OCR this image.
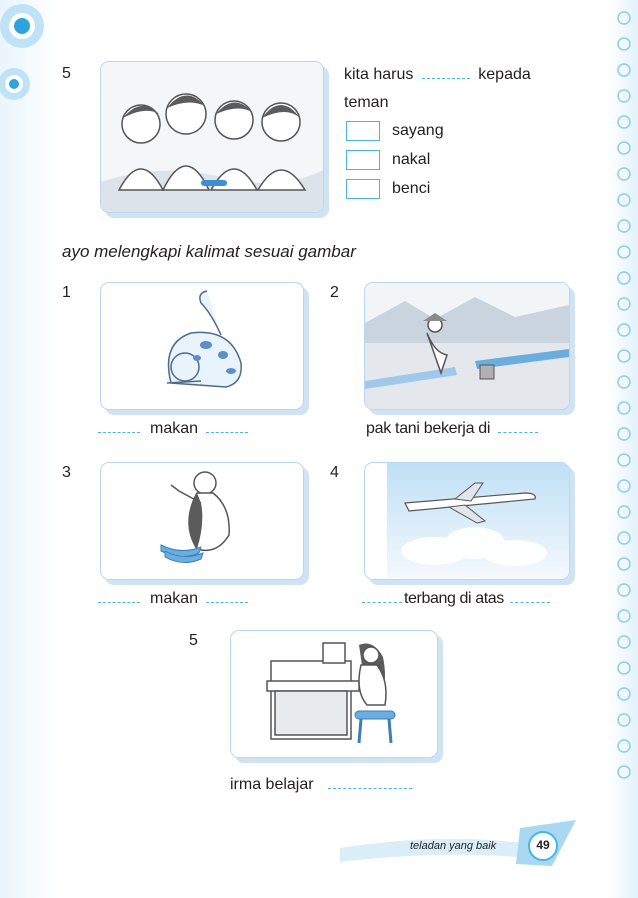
5	kita harus	kepada
teman
sayang
nakal
benci
ayo melengkapi kalimat sesuai gambar
1
makan
2
pak tani bekerja di
3
makan
4
terbang di atas
5
irma belajar
teladan yang baik	49
